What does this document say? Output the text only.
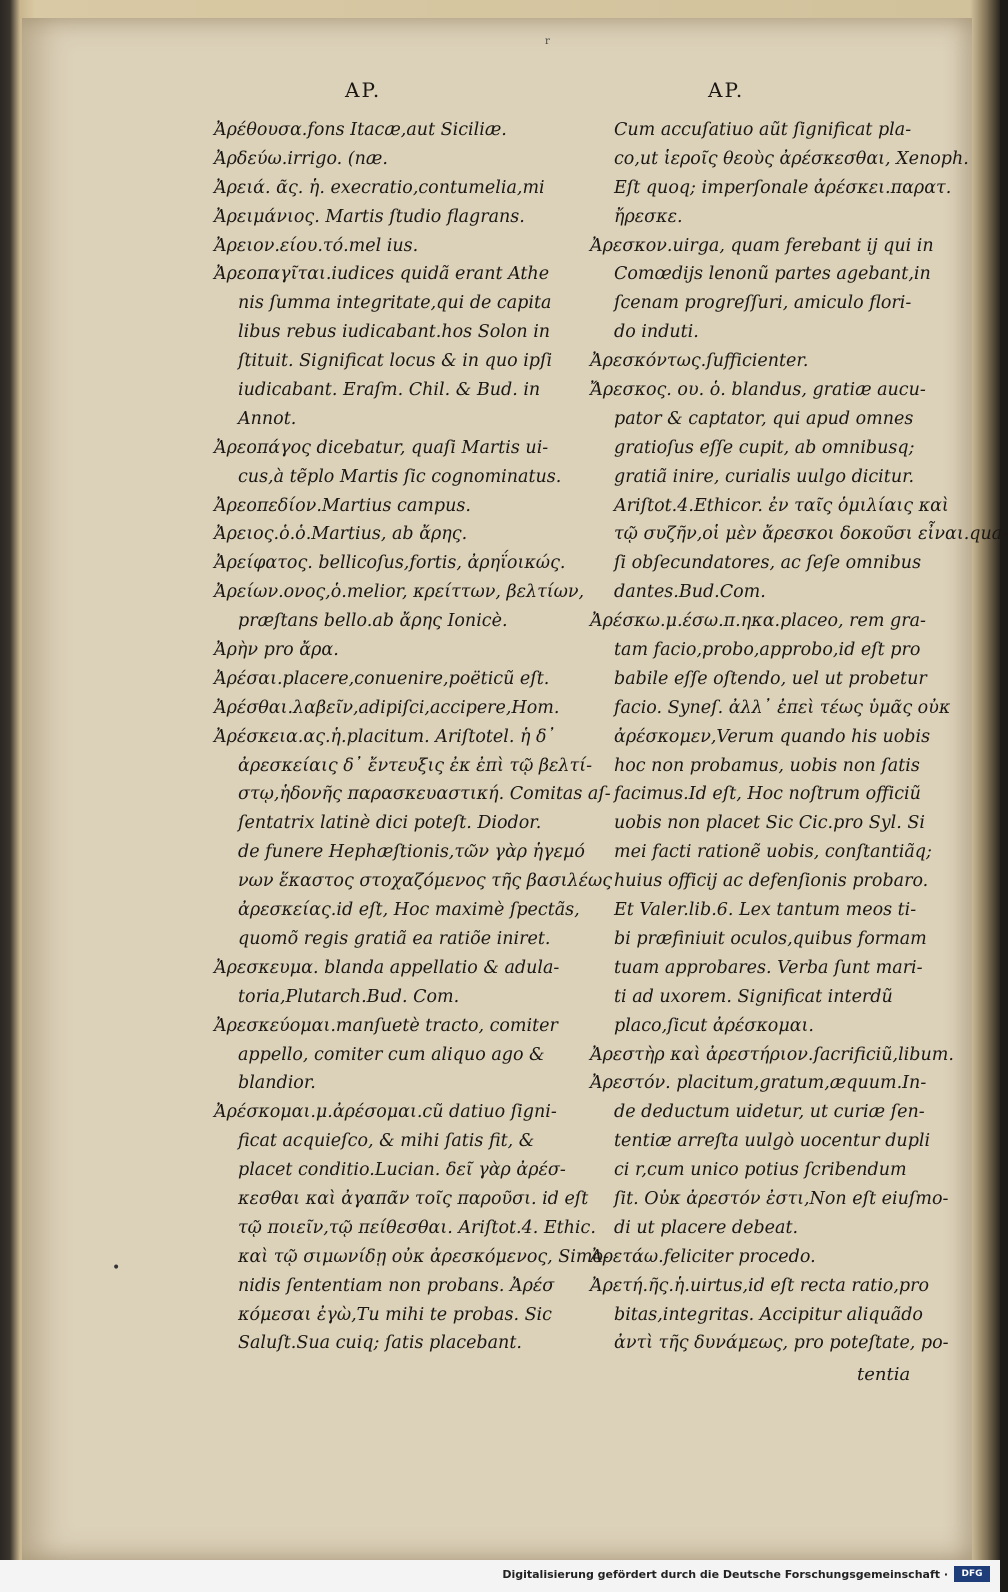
r
AP.	AP.
Ἀρέθουσα.fons Itacæ,aut Siciliæ.
Ἀρδεύω.irrigo. (næ.
Ἀρειά. ᾶς. ἡ. execratio,contumelia,mi
Ἀρειμάνιος. Martis ſtudio flagrans.
Ἀρειον.είου.τό.mel ius.
Ἀρεοπαγῖται.iudices quidã erant Athe
nis ſumma integritate,qui de capita
libus rebus iudicabant.hos Solon in
ſtituit. Significat locus & in quo ipſi
iudicabant. Eraſm. Chil. & Bud. in
Annot.
Ἀρεοπάγος dicebatur, quaſi Martis ui-
cus,à tẽplo Martis ſic cognominatus.
Ἀρεοπεδίον.Martius campus.
Ἀρειος.ὁ.ὁ.Martius, ab ἄρης.
Ἀρείφατος. bellicoſus,fortis, ἀρηΐοικώς.
Ἀρείων.ονος,ὁ.melior, κρείττων, βελτίων,
præſtans bello.ab ἄρης Ionicè.
Ἀρὴν pro ἄρα.
Ἀρέσαι.placere,conuenire,poëticũ eſt.
Ἀρέσθαι.λαβεῖν,adipiſci,accipere,Hom.
Ἀρέσκεια.ας.ἡ.placitum. Ariſtotel. ἡ δ᾽
ἀρεσκείαις δ᾽ ἔντευξις ἐκ ἐπὶ τῷ βελτί-
στῳ,ἡδονῆς παρασκευαστική. Comitas aſ-
ſentatrix latinè dici poteſt. Diodor.
de funere Hephæſtionis,τῶν γὰρ ἡγεμό
νων ἕκαστος στοχαζόμενος τῆς βασιλέως
ἀρεσκείας.id eſt, Hoc maximè ſpectãs,
quomõ regis gratiã ea ratiõe iniret.
Ἀρεσκευμα. blanda appellatio & adula-
toria,Plutarch.Bud. Com.
Ἀρεσκεύομαι.manſuetè tracto, comiter
appello, comiter cum aliquo ago &
blandior.
Ἀρέσκομαι.μ.ἀρέσομαι.cũ datiuo ſigni-
ficat acquieſco, & mihi ſatis fit, &
placet conditio.Lucian. δεῖ γὰρ ἀρέσ-
κεσθαι καὶ ἀγαπᾶν τοῖς παροῦσι. id eſt
τῷ ποιεῖν,τῷ πείθεσθαι. Ariſtot.4. Ethic.
καὶ τῷ σιμωνίδῃ οὐκ ἀρεσκόμενος, Simo-
nidis ſententiam non probans. Ἀρέσ
κόμεσαι ἐγὼ,Tu mihi te probas. Sic
Saluſt.Sua cuiq; ſatis placebant.
Cum accuſatiuo aũt ſignificat pla-
co,ut ἱεροῖς θεοὺς ἀρέσκεσθαι, Xenoph.
Eſt quoq; imperſonale ἀρέσκει.παρατ.
ἤρεσκε.
Ἀρεσκον.uirga, quam ferebant ij qui in
Comœdijs lenonũ partes agebant,in
ſcenam progreſſuri, amiculo flori-
do induti.
Ἀρεσκόντως.ſufficienter.
Ἄρεσκος. ου. ὁ. blandus, gratiæ aucu-
pator & captator, qui apud omnes
gratioſus eſſe cupit, ab omnibusq;
gratiã inire, curialis uulgo dicitur.
Ariſtot.4.Ethicor. ἐν ταῖς ὁμιλίαις καὶ
τῷ συζῆν,οἱ μὲν ἄρεσκοι δοκοῦσι εἶναι.qua-
ſi obſecundatores, ac ſeſe omnibus
dantes.Bud.Com.
Ἀρέσκω.μ.έσω.π.ηκα.placeo, rem gra-
tam facio,probo,approbo,id eſt pro
babile eſſe oſtendo, uel ut probetur
facio. Syneſ. ἀλλ᾽ ἐπεὶ τέως ὑμᾶς οὐκ
ἀρέσκομεν,Verum quando his uobis
hoc non probamus, uobis non ſatis
facimus.Id eſt, Hoc noſtrum officiũ
uobis non placet Sic Cic.pro Syl. Si
mei facti rationẽ uobis, conſtantiãq;
huius officij ac defenſionis probaro.
Et Valer.lib.6. Lex tantum meos ti-
bi præfiniuit oculos,quibus formam
tuam approbares. Verba ſunt mari-
ti ad uxorem. Significat interdũ
placo,ſicut ἀρέσκομαι.
Ἀρεστὴρ καὶ ἀρεστήριον.ſacrificiũ,libum.
Ἀρεστόν. placitum,gratum,æquum.In-
de deductum uidetur, ut curiæ ſen-
tentiæ arreſta uulgò uocentur dupli
ci r,cum unico potius ſcribendum
ſit. Οὐκ ἀρεστόν ἐστι,Non eſt eiuſmo-
di ut placere debeat.
Ἀρετάω.feliciter procedo.
Ἀρετή.ῆς.ἡ.uirtus,id eſt recta ratio,pro
bitas,integritas. Accipitur aliquãdo
ἀντὶ τῆς δυνάμεως, pro poteſtate, po-
•
tentia
Digitalisierung gefördert durch die Deutsche Forschungsgemeinschaft ·	DFG
